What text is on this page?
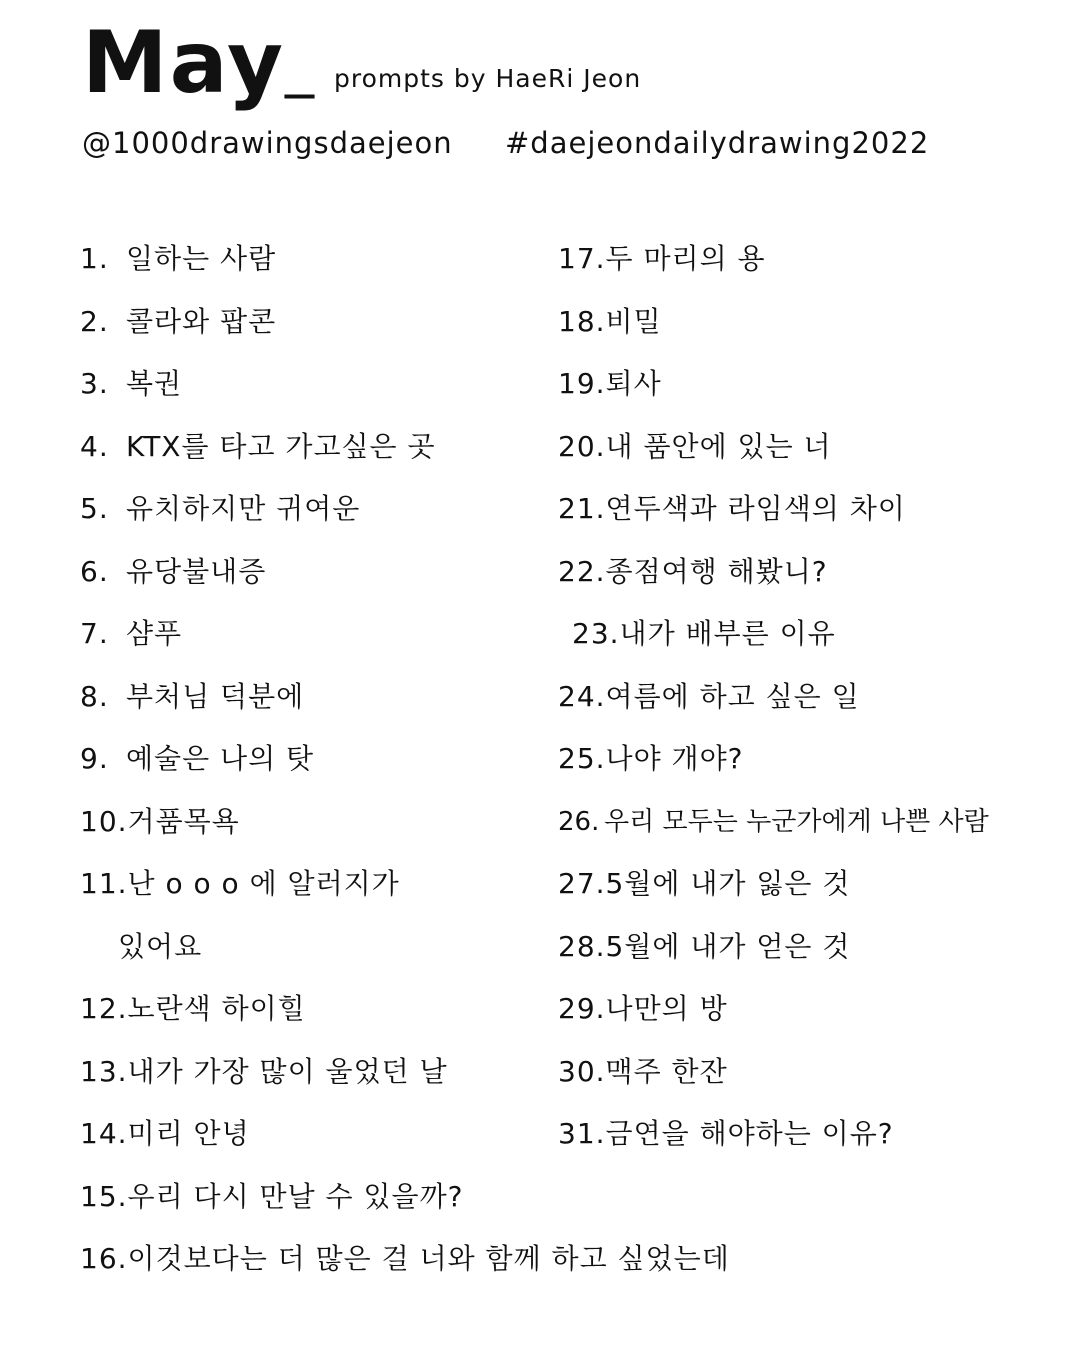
May _ prompts by HaeRi Jeon
@1000drawingsdaejeon #daejeondailydrawing2022
1. 일하는 사람
2. 콜라와 팝콘
3. 복권
4. KTX를 타고 가고싶은 곳
5. 유치하지만 귀여운
6. 유당불내증
7. 샴푸
8. 부처님 덕분에
9. 예술은 나의 탓
10.거품목욕
11.난 o o o 에 알러지가
있어요
12.노란색 하이힐
13.내가 가장 많이 울었던 날
14.미리 안녕
17.두 마리의 용
18.비밀
19.퇴사
20.내 품안에 있는 너
21.연두색과 라임색의 차이
22.종점여행 해봤니?
23.내가 배부른 이유
24.여름에 하고 싶은 일
25.나야 개야?
26. 우리 모두는 누군가에게 나쁜 사람
27.5월에 내가 잃은 것
28.5월에 내가 얻은 것
29.나만의 방
30.맥주 한잔
31.금연을 해야하는 이유?
15.우리 다시 만날 수 있을까?
16.이것보다는 더 많은 걸 너와 함께 하고 싶었는데
